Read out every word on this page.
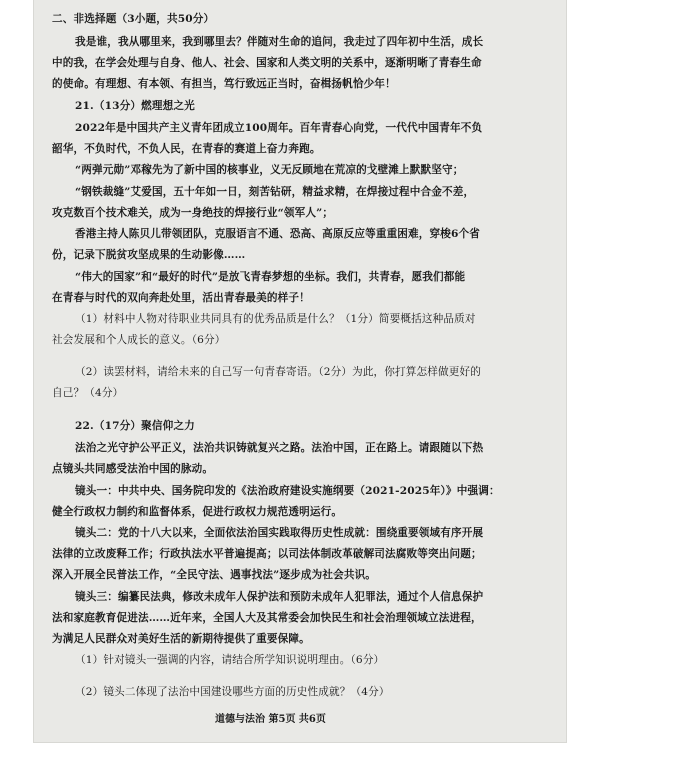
二、非选择题（3小题，共50分）
我是谁，我从哪里来，我到哪里去？伴随对生命的追问，我走过了四年初中生活，成长
中的我，在学会处理与自身、他人、社会、国家和人类文明的关系中，逐渐明晰了青春生命
的使命。有理想、有本领、有担当，笃行致远正当时，奋楫扬帆恰少年！
21.（13分）燃理想之光
2022年是中国共产主义青年团成立100周年。百年青春心向党，一代代中国青年不负
韶华，不负时代，不负人民，在青春的赛道上奋力奔跑。
“两弹元勋”邓稼先为了新中国的核事业，义无反顾地在荒凉的戈壁滩上默默坚守；
“钢铁裁缝”艾爱国，五十年如一日，刻苦钻研，精益求精，在焊接过程中合金不差，
攻克数百个技术难关，成为一身绝技的焊接行业“领军人”；
香港主持人陈贝儿带领团队，克服语言不通、恐高、高原反应等重重困难，穿梭6个省
份，记录下脱贫攻坚成果的生动影像……
“伟大的国家”和“最好的时代”是放飞青春梦想的坐标。我们，共青春，愿我们都能
在青春与时代的双向奔赴处里，活出青春最美的样子！
（1）材料中人物对待职业共同具有的优秀品质是什么？（1分）简要概括这种品质对
社会发展和个人成长的意义。（6分）
（2）读罢材料，请给未来的自己写一句青春寄语。（2分）为此，你打算怎样做更好的
自己？（4分）
22.（17分）聚信仰之力
法治之光守护公平正义，法治共识铸就复兴之路。法治中国，正在路上。请跟随以下热
点镜头共同感受法治中国的脉动。
镜头一：中共中央、国务院印发的《法治政府建设实施纲要（2021-2025年）》中强调：
健全行政权力制约和监督体系，促进行政权力规范透明运行。
镜头二：党的十八大以来，全面依法治国实践取得历史性成就：围绕重要领域有序开展
法律的立改废释工作；行政执法水平普遍提高；以司法体制改革破解司法腐败等突出问题；
深入开展全民普法工作，“全民守法、遇事找法”逐步成为社会共识。
镜头三：编纂民法典，修改未成年人保护法和预防未成年人犯罪法，通过个人信息保护
法和家庭教育促进法……近年来，全国人大及其常委会加快民生和社会治理领域立法进程，
为满足人民群众对美好生活的新期待提供了重要保障。
（1）针对镜头一强调的内容，请结合所学知识说明理由。（6分）
（2）镜头二体现了法治中国建设哪些方面的历史性成就？（4分）
道德与法治 第5页 共6页
